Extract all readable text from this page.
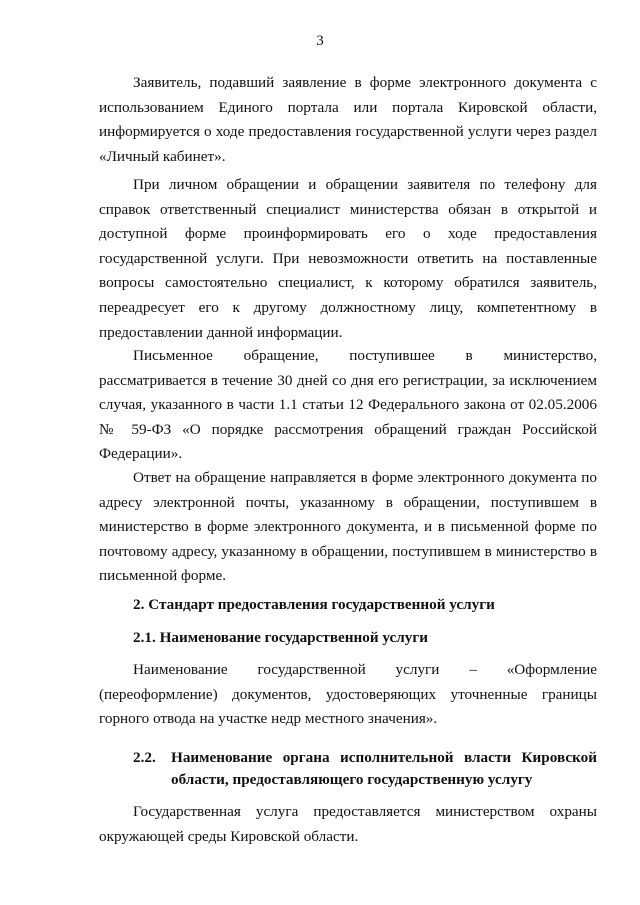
3
Заявитель, подавший заявление в форме электронного документа с использованием Единого портала или портала Кировской области, информируется о ходе предоставления государственной услуги через раздел «Личный кабинет».
При личном обращении и обращении заявителя по телефону для справок ответственный специалист министерства обязан в открытой и доступной форме проинформировать его о ходе предоставления государственной услуги. При невозможности ответить на поставленные вопросы самостоятельно специалист, к которому обратился заявитель, переадресует его к другому должностному лицу, компетентному в предоставлении данной информации.
Письменное обращение, поступившее в министерство, рассматривается в течение 30 дней со дня его регистрации, за исключением случая, указанного в части 1.1 статьи 12 Федерального закона от 02.05.2006 № 59-ФЗ «О порядке рассмотрения обращений граждан Российской Федерации».
Ответ на обращение направляется в форме электронного документа по адресу электронной почты, указанному в обращении, поступившем в министерство в форме электронного документа, и в письменной форме по почтовому адресу, указанному в обращении, поступившем в министерство в письменной форме.
2. Стандарт предоставления государственной услуги
2.1. Наименование государственной услуги
Наименование государственной услуги – «Оформление (переоформление) документов, удостоверяющих уточненные границы горного отвода на участке недр местного значения».
2.2. Наименование органа исполнительной власти Кировской области, предоставляющего государственную услугу
Государственная услуга предоставляется министерством охраны окружающей среды Кировской области.
